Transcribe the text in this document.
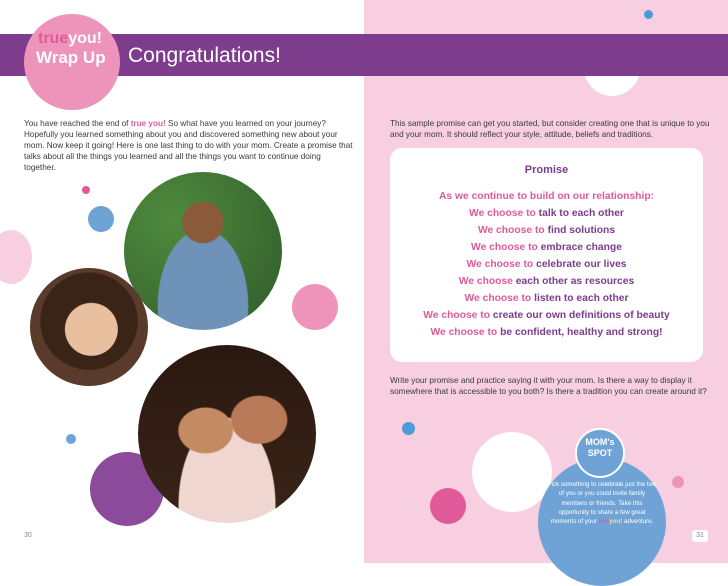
Congratulations!
trueyou!
Wrap Up
You have reached the end of true you! So what have you learned on your journey? Hopefully you learned something about you and discovered something new about your mom. Now keep it going! Here is one last thing to do with your mom. Create a promise that talks about all the things you learned and all the things you want to continue doing together.
30
This sample promise can get you started, but consider creating one that is unique to you and your mom. It should reflect your style, attitude, beliefs and traditions.
Promise
As we continue to build on our relationship:
We choose to talk to each other
We choose to find solutions
We choose to embrace change
We choose to celebrate our lives
We choose each other as resources
We choose to listen to each other
We choose to create our own definitions of beauty
We choose to be confident, healthy and strong!
Write your promise and practice saying it with your mom. Is there a way to display it somewhere that is accessible to you both? Is there a tradition you can create around it?
MOM's
SPOT
Pick something to celebrate just the two of you or you could invite family members or friends. Take this opportunity to share a few great moments of your trueyou! adventure.
31
